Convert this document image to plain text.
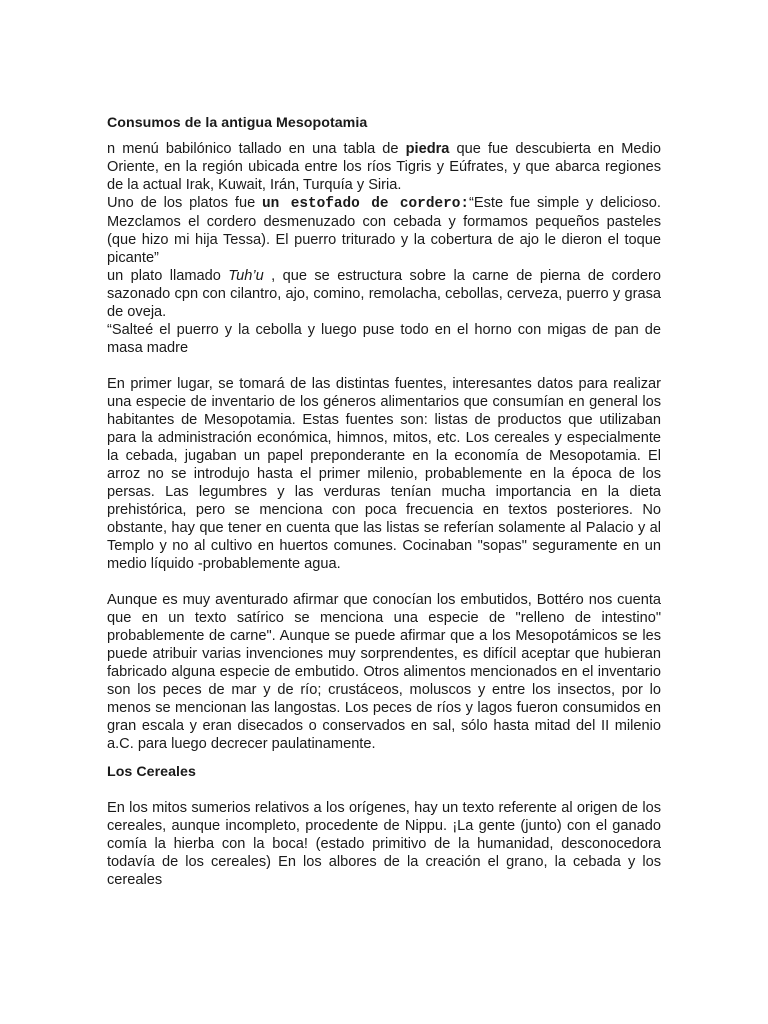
Consumos de la antigua Mesopotamia

n menú babilónico tallado en una tabla de piedra que fue descubierta en Medio Oriente, en la región ubicada entre los ríos Tigris y Eúfrates, y que abarca regiones de la actual Irak, Kuwait, Irán, Turquía y Siria.

Uno de los platos fue un estofado de cordero:“Este fue simple y delicioso. Mezclamos el cordero desmenuzado con cebada y formamos pequeños pasteles (que hizo mi hija Tessa). El puerro triturado y la cobertura de ajo le dieron el toque picante”

un plato llamado Tuh’u , que se estructura sobre la carne de pierna de cordero sazonado cpn con cilantro, ajo, comino, remolacha, cebollas, cerveza, puerro y grasa de oveja.

“Salteé el puerro y la cebolla y luego puse todo en el horno con migas de pan de masa madre

En primer lugar, se tomará de las distintas fuentes, interesantes datos para realizar una especie de inventario de los géneros alimentarios que consumían en general los habitantes de Mesopotamia. Estas fuentes son: listas de productos que utilizaban para la administración económica, himnos, mitos, etc. Los cereales y especialmente la cebada, jugaban un papel preponderante en la economía de Mesopotamia. El arroz no se introdujo hasta el primer milenio, probablemente en la época de los persas. Las legumbres y las verduras tenían mucha importancia en la dieta prehistórica, pero se menciona con poca frecuencia en textos posteriores. No obstante, hay que tener en cuenta que las listas se referían solamente al Palacio y al Templo y no al cultivo en huertos comunes. Cocinaban "sopas" seguramente en un medio líquido -probablemente agua.

Aunque es muy aventurado afirmar que conocían los embutidos, Bottéro nos cuenta que en un texto satírico se menciona una especie de "relleno de intestino" probablemente de carne". Aunque se puede afirmar que a los Mesopotámicos se les puede atribuir varias invenciones muy sorprendentes, es difícil aceptar que hubieran fabricado alguna especie de embutido. Otros alimentos mencionados en el inventario son los peces de mar y de río; crustáceos, moluscos y entre los insectos, por lo menos se mencionan las langostas. Los peces de ríos y lagos fueron consumidos en gran escala y eran disecados o conservados en sal, sólo hasta mitad del II milenio a.C. para luego decrecer paulatinamente.

Los Cereales

En los mitos sumerios relativos a los orígenes, hay un texto referente al origen de los cereales, aunque incompleto, procedente de Nippu. ¡La gente (junto) con el ganado comía la hierba con la boca! (estado primitivo de la humanidad, desconocedora todavía de los cereales) En los albores de la creación el grano, la cebada y los cereales
